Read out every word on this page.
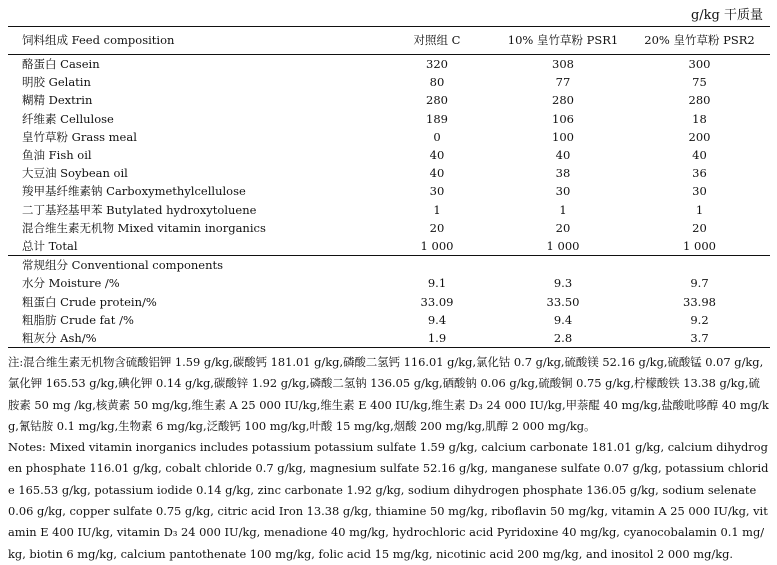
g/kg 干质量
饲料组成 Feed composition	对照组 C	10% 皇竹草粉 PSR1	20% 皇竹草粉 PSR2
酪蛋白 Casein	320	308	300
明胶 Gelatin	80	77	75
糊精 Dextrin	280	280	280
纤维素 Cellulose	189	106	18
皇竹草粉 Grass meal	0	100	200
鱼油 Fish oil	40	40	40
大豆油 Soybean oil	40	38	36
羧甲基纤维素钠 Carboxymethylcellulose	30	30	30
二丁基羟基甲苯 Butylated hydroxytoluene	1	1	1
混合维生素无机物 Mixed vitamin inorganics	20	20	20
总计 Total	1 000	1 000	1 000
常规组分 Conventional components			
水分 Moisture /%	9.1	9.3	9.7
粗蛋白 Crude protein/%	33.09	33.50	33.98
粗脂肪 Crude fat /%	9.4	9.4	9.2
粗灰分 Ash/%	1.9	2.8	3.7

注:混合维生素无机物含硫酸铝钾 1.59 g/kg,碳酸钙 181.01 g/kg,磷酸二氢钙 116.01 g/kg,氯化钴 0.7 g/kg,硫酸镁 52.16 g/kg,硫酸锰 0.07 g/kg,氯化钾 165.53 g/kg,碘化钾 0.14 g/kg,碳酸锌 1.92 g/kg,磷酸二氢钠 136.05 g/kg,硒酸钠 0.06 g/kg,硫酸铜 0.75 g/kg,柠檬酸铁 13.38 g/kg,硫胺素 50 mg /kg,核黄素 50 mg/kg,维生素 A 25 000 IU/kg,维生素 E 400 IU/kg,维生素 D₃ 24 000 IU/kg,甲萘醌 40 mg/kg,盐酸吡哆醇 40 mg/kg,氰钴胺 0.1 mg/kg,生物素 6 mg/kg,泛酸钙 100 mg/kg,叶酸 15 mg/kg,烟酸 200 mg/kg,肌醇 2 000 mg/kg。

Notes: Mixed vitamin inorganics includes potassium potassium sulfate 1.59 g/kg, calcium carbonate 181.01 g/kg, calcium dihydrogen phosphate 116.01 g/kg, cobalt chloride 0.7 g/kg, magnesium sulfate 52.16 g/kg, manganese sulfate 0.07 g/kg, potassium chloride 165.53 g/kg, potassium iodide 0.14 g/kg, zinc carbonate 1.92 g/kg, sodium dihydrogen phosphate 136.05 g/kg, sodium selenate 0.06 g/kg, copper sulfate 0.75 g/kg, citric acid Iron 13.38 g/kg, thiamine 50 mg/kg, riboflavin 50 mg/kg, vitamin A 25 000 IU/kg, vitamin E 400 IU/kg, vitamin D₃ 24 000 IU/kg, menadione 40 mg/kg, hydrochloric acid Pyridoxine 40 mg/kg, cyanocobalamin 0.1 mg/kg, biotin 6 mg/kg, calcium pantothenate 100 mg/kg, folic acid 15 mg/kg, nicotinic acid 200 mg/kg, and inositol 2 000 mg/kg.
